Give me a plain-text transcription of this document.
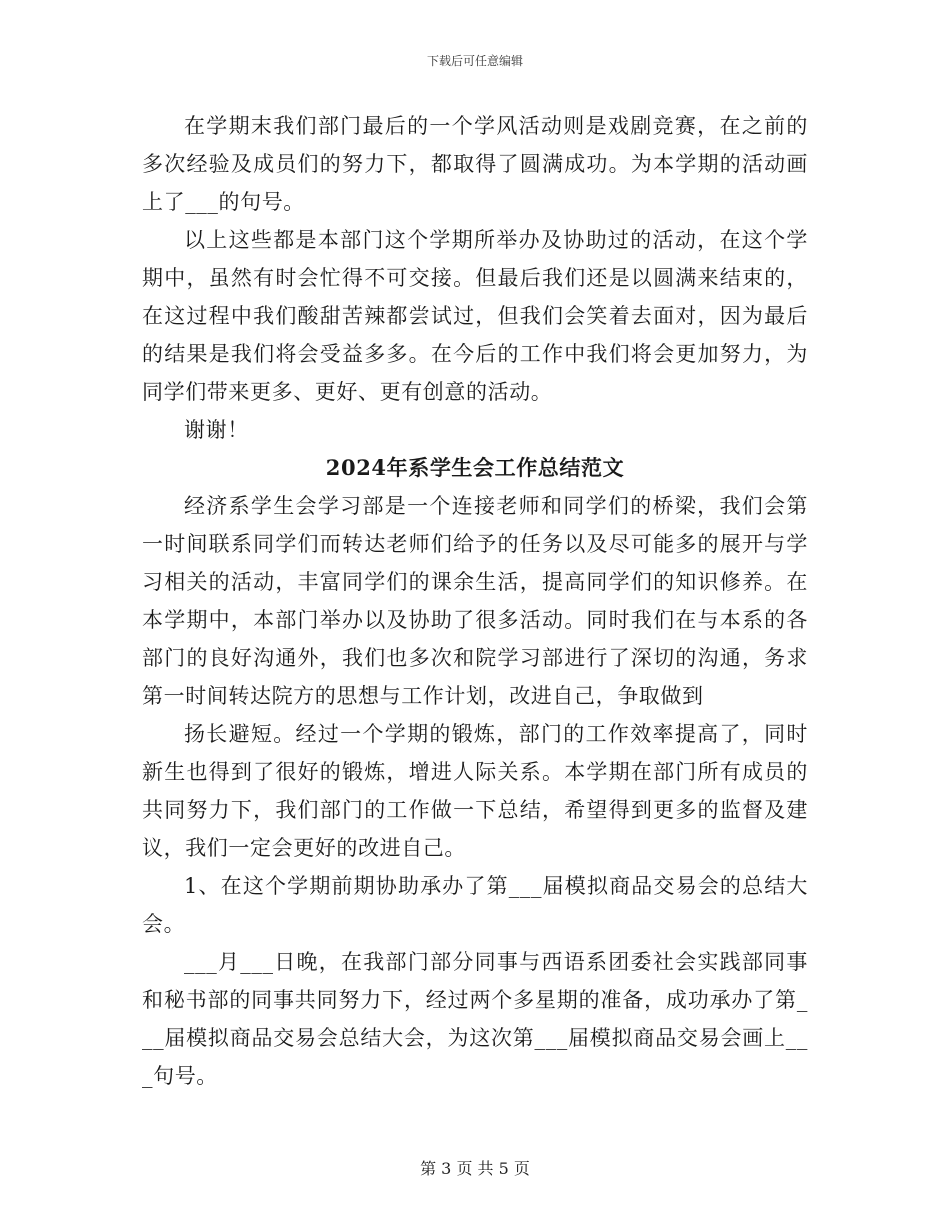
下载后可任意编辑

在学期末我们部门最后的一个学风活动则是戏剧竞赛，在之前的多次经验及成员们的努力下，都取得了圆满成功。为本学期的活动画上了___的句号。

以上这些都是本部门这个学期所举办及协助过的活动，在这个学期中，虽然有时会忙得不可交接。但最后我们还是以圆满来结束的，在这过程中我们酸甜苦辣都尝试过，但我们会笑着去面对，因为最后的结果是我们将会受益多多。在今后的工作中我们将会更加努力，为同学们带来更多、更好、更有创意的活动。

谢谢！

2024年系学生会工作总结范文

经济系学生会学习部是一个连接老师和同学们的桥梁，我们会第一时间联系同学们而转达老师们给予的任务以及尽可能多的展开与学习相关的活动，丰富同学们的课余生活，提高同学们的知识修养。在本学期中，本部门举办以及协助了很多活动。同时我们在与本系的各部门的良好沟通外，我们也多次和院学习部进行了深切的沟通，务求第一时间转达院方的思想与工作计划，改进自己，争取做到

扬长避短。经过一个学期的锻炼，部门的工作效率提高了，同时新生也得到了很好的锻炼，增进人际关系。本学期在部门所有成员的共同努力下，我们部门的工作做一下总结，希望得到更多的监督及建议，我们一定会更好的改进自己。

1、在这个学期前期协助承办了第___届模拟商品交易会的总结大会。

___月___日晚，在我部门部分同事与西语系团委社会实践部同事和秘书部的同事共同努力下，经过两个多星期的准备，成功承办了第___届模拟商品交易会总结大会，为这次第___届模拟商品交易会画上___句号。

第 3 页 共 5 页
